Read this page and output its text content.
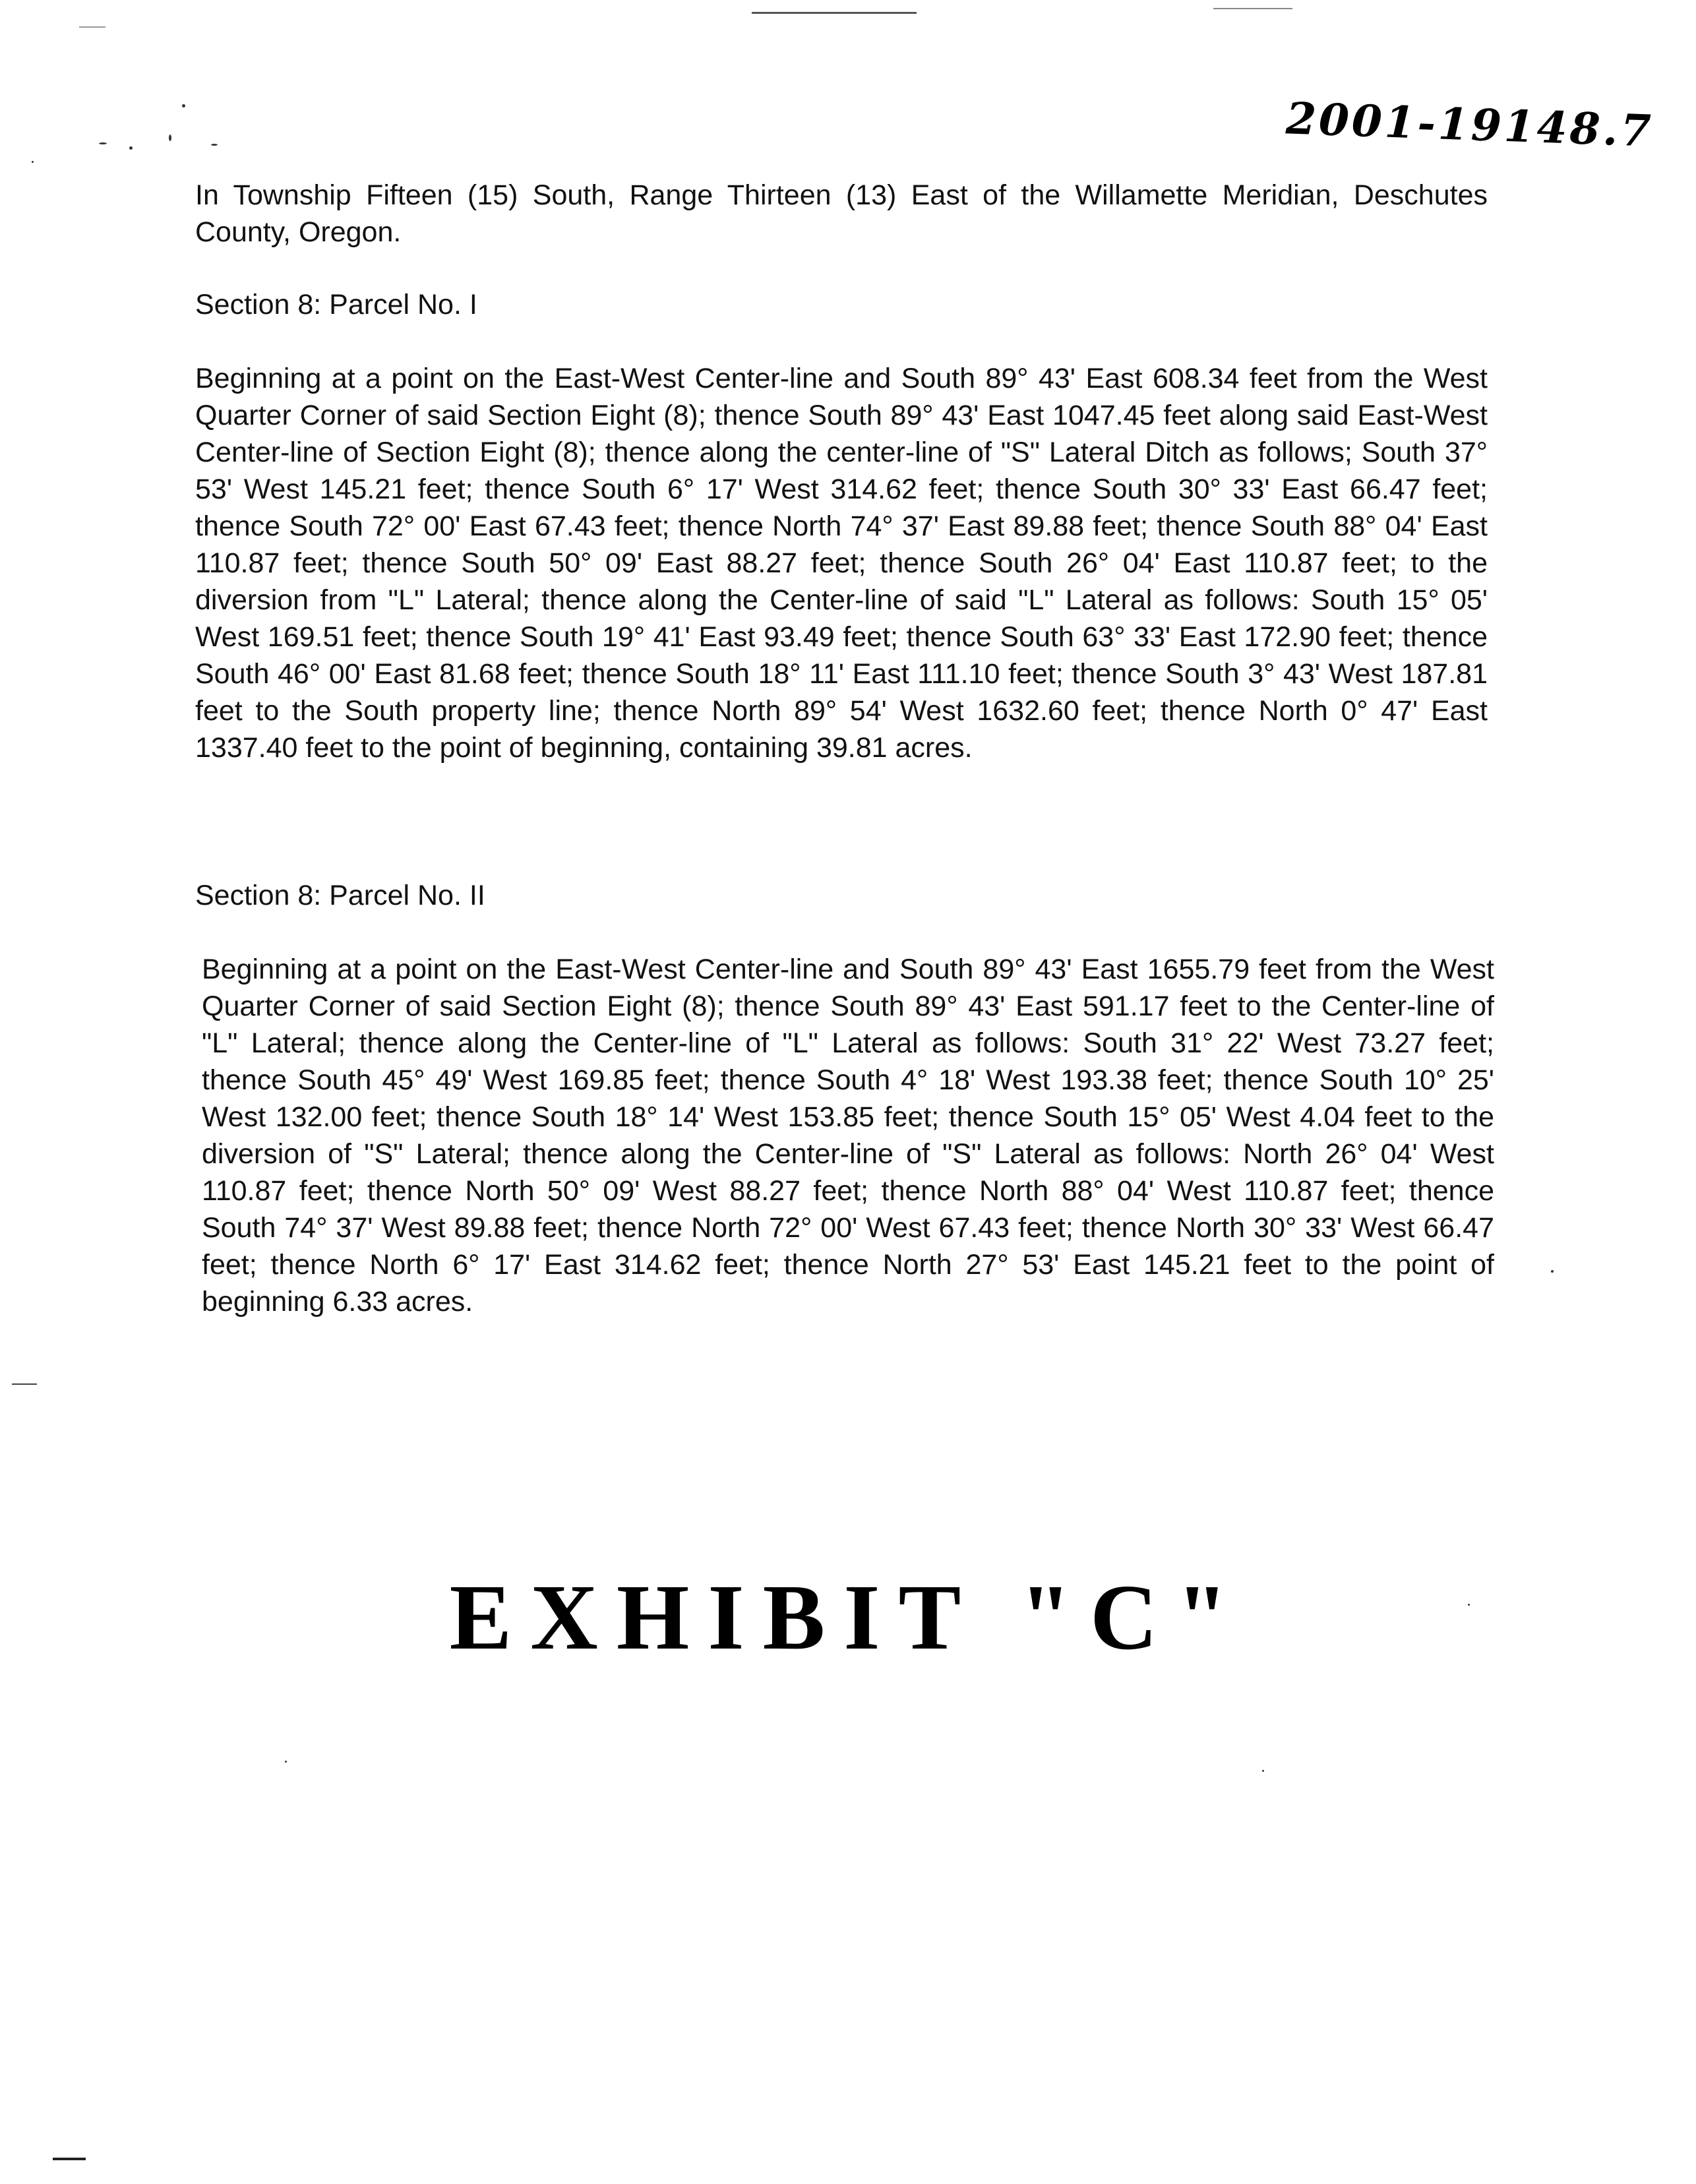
2001-19148.7
In Township Fifteen (15) South, Range Thirteen (13) East of the Willamette Meridian, Deschutes County, Oregon.
Section 8: Parcel No. I
Beginning at a point on the East-West Center-line and South 89° 43' East 608.34 feet from the West Quarter Corner of said Section Eight (8); thence South 89° 43' East 1047.45 feet along said East-West Center-line of Section Eight (8); thence along the center-line of "S" Lateral Ditch as follows; South 37° 53' West 145.21 feet; thence South 6° 17' West 314.62 feet; thence South 30° 33' East 66.47 feet; thence South 72° 00' East 67.43 feet; thence North 74° 37' East 89.88 feet; thence South 88° 04' East 110.87 feet; thence South 50° 09' East 88.27 feet; thence South 26° 04' East 110.87 feet; to the diversion from "L" Lateral; thence along the Center-line of said "L" Lateral as follows: South 15° 05' West 169.51 feet; thence South 19° 41' East 93.49 feet; thence South 63° 33' East 172.90 feet; thence South 46° 00' East 81.68 feet; thence South 18° 11' East 111.10 feet; thence South 3° 43' West 187.81 feet to the South property line; thence North 89° 54' West 1632.60 feet; thence North 0° 47' East 1337.40 feet to the point of beginning, containing 39.81 acres.
Section 8: Parcel No. II
Beginning at a point on the East-West Center-line and South 89° 43' East 1655.79 feet from the West Quarter Corner of said Section Eight (8); thence South 89° 43' East 591.17 feet to the Center-line of "L" Lateral; thence along the Center-line of "L" Lateral as follows: South 31° 22' West 73.27 feet; thence South 45° 49' West 169.85 feet; thence South 4° 18' West 193.38 feet; thence South 10° 25' West 132.00 feet; thence South 18° 14' West 153.85 feet; thence South 15° 05' West 4.04 feet to the diversion of "S" Lateral; thence along the Center-line of "S" Lateral as follows: North 26° 04' West 110.87 feet; thence North 50° 09' West 88.27 feet; thence North 88° 04' West 110.87 feet; thence South 74° 37' West 89.88 feet; thence North 72° 00' West 67.43 feet; thence North 30° 33' West 66.47 feet; thence North 6° 17' East 314.62 feet; thence North 27° 53' East 145.21 feet to the point of beginning 6.33 acres.
EXHIBIT "C"
